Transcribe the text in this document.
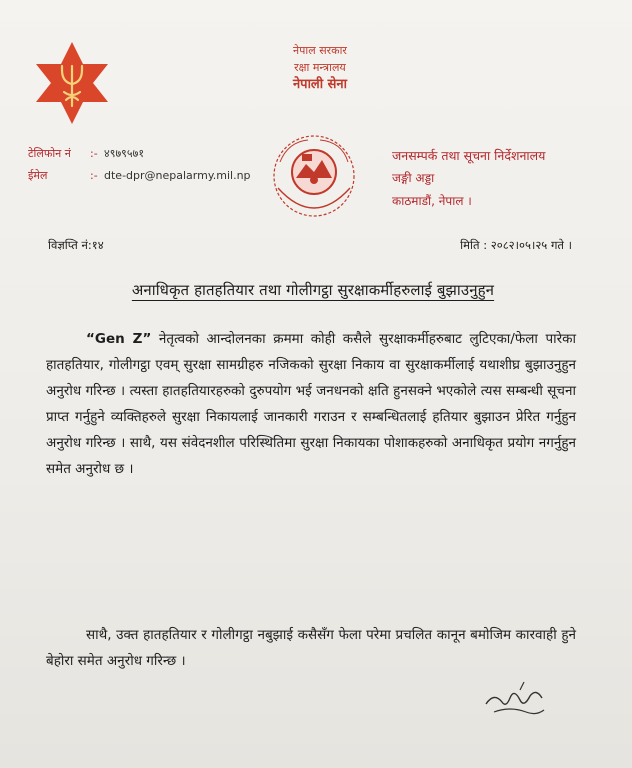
नेपाल सरकार
रक्षा मन्त्रालय
नेपाली सेना
टेलिफोन नं :- ४९७९५७१
ईमेल	:- dte-dpr@nepalarmy.mil.np
जनसम्पर्क तथा सूचना निर्देशनालय
जङ्गी अड्डा
काठमाडौं, नेपाल ।
विज्ञप्ति नं:१४	मिति : २०८२।०५।२५ गते ।
अनाधिकृत हातहतियार तथा गोलीगट्ठा सुरक्षाकर्मीहरुलाई बुझाउनुहुन
“Gen Z” नेतृत्वको आन्दोलनका क्रममा कोही कसैले सुरक्षाकर्मीहरुबाट लुटिएका/फेला पारेका हातहतियार, गोलीगट्ठा एवम् सुरक्षा सामग्रीहरु नजिकको सुरक्षा निकाय वा सुरक्षाकर्मीलाई यथाशीघ्र बुझाउनुहुन अनुरोध गरिन्छ । त्यस्ता हातहतियारहरुको दुरुपयोग भई जनधनको क्षति हुनसक्ने भएकोले त्यस सम्बन्धी सूचना प्राप्त गर्नुहुने व्यक्तिहरुले सुरक्षा निकायलाई जानकारी गराउन र सम्बन्धितलाई हतियार बुझाउन प्रेरित गर्नुहुन अनुरोध गरिन्छ । साथै, यस संवेदनशील परिस्थितिमा सुरक्षा निकायका पोशाकहरुको अनाधिकृत प्रयोग नगर्नुहुन समेत अनुरोध छ ।
साथै, उक्त हातहतियार र गोलीगट्ठा नबुझाई कसैसँग फेला परेमा प्रचलित कानून बमोजिम कारवाही हुने बेहोरा समेत अनुरोध गरिन्छ ।
